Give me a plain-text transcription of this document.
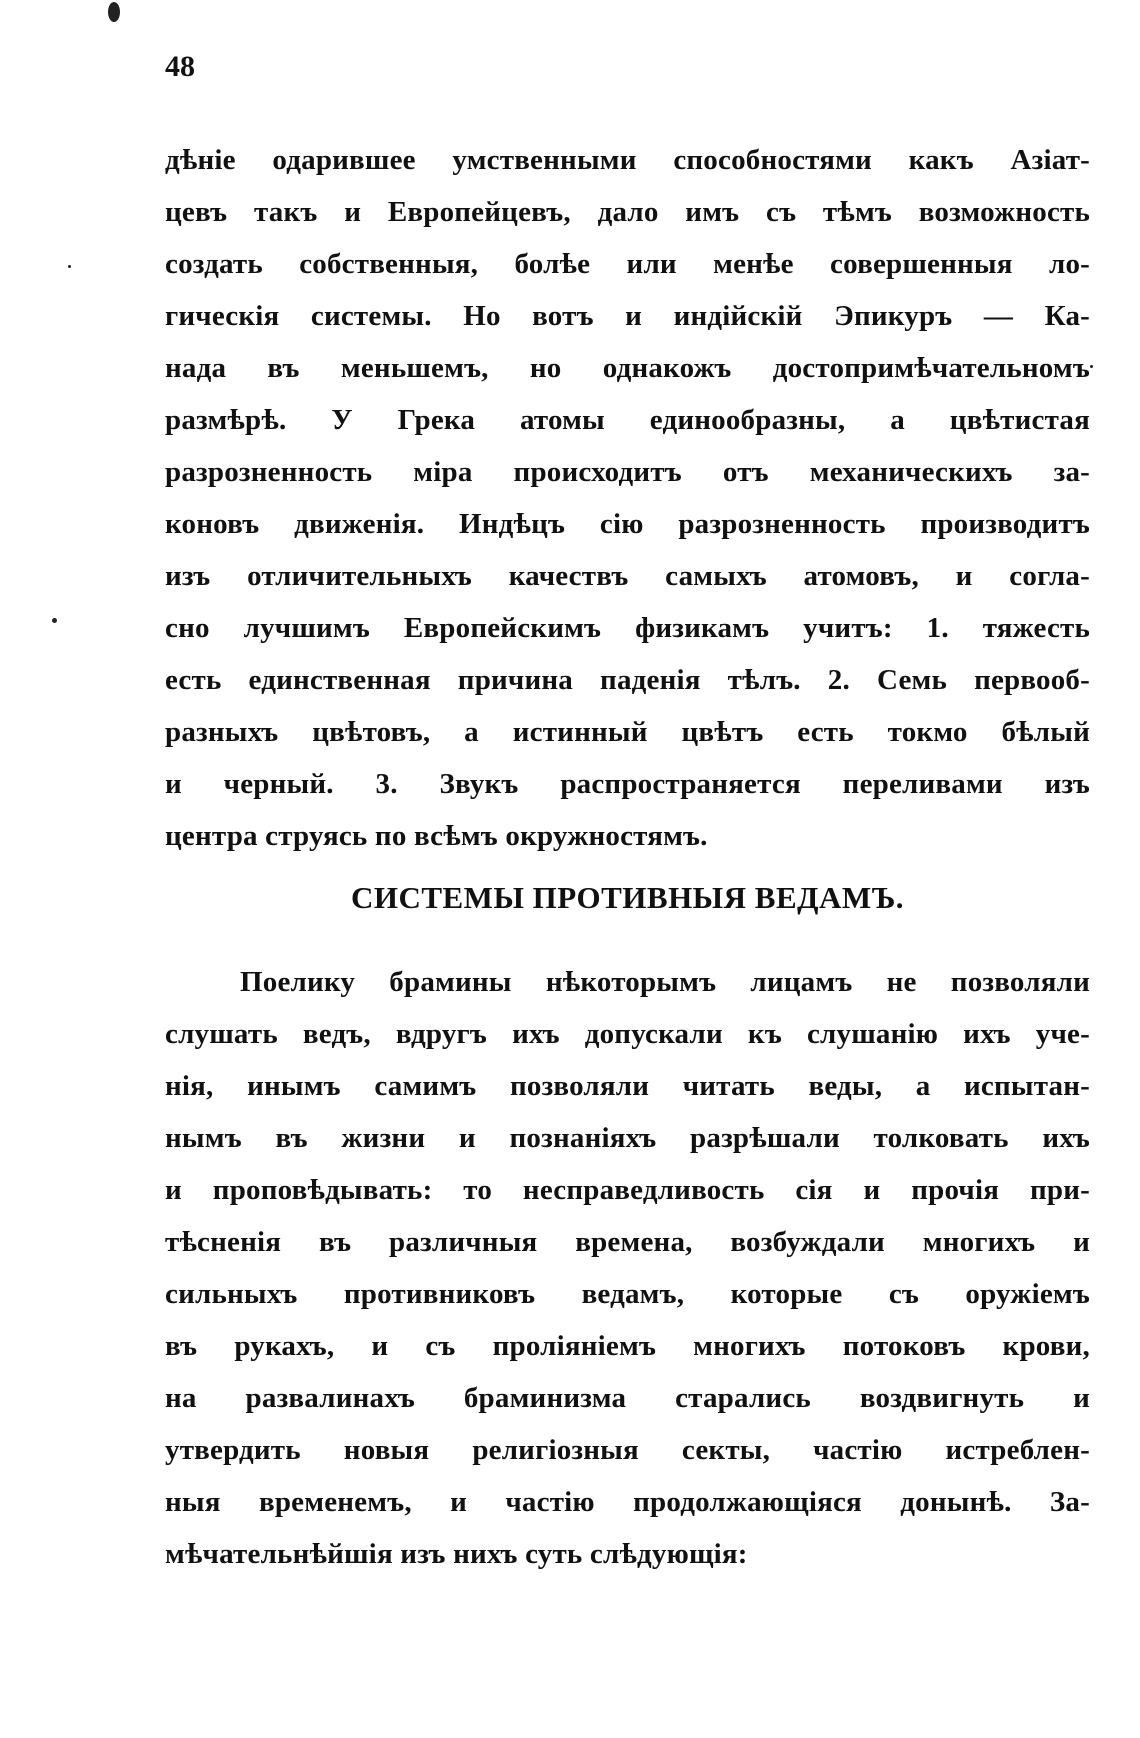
48
дѣніе одарившее умственными способностями какъ Азіат-
цевъ такъ и Европейцевъ, дало имъ съ тѣмъ возможность
создать собственныя, болѣе или менѣе совершенныя ло-
гическія системы. Но вотъ и индійскій Эпикуръ — Ка-
нада въ меньшемъ, но однакожъ достопримѣчательномъ
размѣрѣ. У Грека атомы единообразны, а цвѣтистая
разрозненность міра происходитъ отъ механическихъ за-
коновъ движенія. Индѣцъ сію разрозненность производитъ
изъ отличительныхъ качествъ самыхъ атомовъ, и согла-
сно лучшимъ Европейскимъ физикамъ учитъ: 1. тяжесть
есть единственная причина паденія тѣлъ. 2. Семь первооб-
разныхъ цвѣтовъ, а истинный цвѣтъ есть токмо бѣлый
и черный. 3. Звукъ распространяется переливами изъ
центра струясь по всѣмъ окружностямъ.
СИСТЕМЫ ПРОТИВНЫЯ ВЕДАМЪ.
Поелику брамины нѣкоторымъ лицамъ не позволяли
слушать ведъ, вдругъ ихъ допускали къ слушанію ихъ уче-
нія, инымъ самимъ позволяли читать веды, а испытан-
нымъ въ жизни и познаніяхъ разрѣшали толковать ихъ
и проповѣдывать: то несправедливость сія и прочія при-
тѣсненія въ различныя времена, возбуждали многихъ и
сильныхъ противниковъ ведамъ, которые съ оружіемъ
въ рукахъ, и съ проліяніемъ многихъ потоковъ крови,
на развалинахъ браминизма старались воздвигнуть и
утвердить новыя религіозныя секты, частію истреблен-
ныя временемъ, и частію продолжающіяся донынѣ. За-
мѣчательнѣйшія изъ нихъ суть слѣдующія:
